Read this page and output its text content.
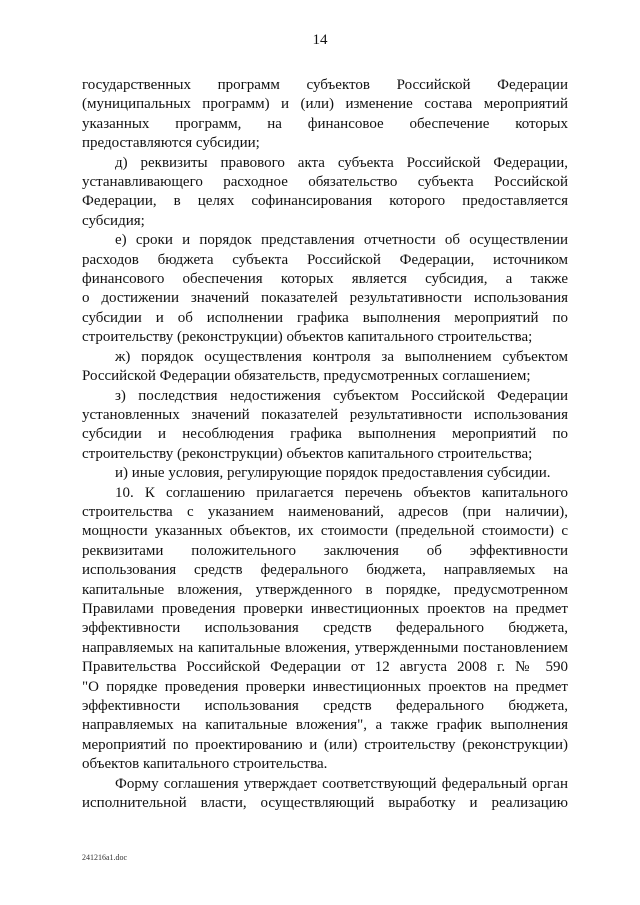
14

государственных программ субъектов Российской Федерации
(муниципальных программ) и (или) изменение состава мероприятий
указанных программ, на финансовое обеспечение которых
предоставляются субсидии;

д) реквизиты правового акта субъекта Российской Федерации,
устанавливающего расходное обязательство субъекта Российской
Федерации, в целях софинансирования которого предоставляется
субсидия;

е) сроки и порядок представления отчетности об осуществлении
расходов бюджета субъекта Российской Федерации, источником
финансового обеспечения которых является субсидия, а также
о достижении значений показателей результативности использования
субсидии и об исполнении графика выполнения мероприятий по
строительству (реконструкции) объектов капитального строительства;

ж) порядок осуществления контроля за выполнением субъектом
Российской Федерации обязательств, предусмотренных соглашением;

з) последствия недостижения субъектом Российской Федерации
установленных значений показателей результативности использования
субсидии и несоблюдения графика выполнения мероприятий по
строительству (реконструкции) объектов капитального строительства;

и) иные условия, регулирующие порядок предоставления субсидии.

10. К соглашению прилагается перечень объектов капитального
строительства с указанием наименований, адресов (при наличии),
мощности указанных объектов, их стоимости (предельной стоимости) с
реквизитами положительного заключения об эффективности
использования средств федерального бюджета, направляемых на
капитальные вложения, утвержденного в порядке, предусмотренном
Правилами проведения проверки инвестиционных проектов на предмет
эффективности использования средств федерального бюджета,
направляемых на капитальные вложения, утвержденными постановлением
Правительства Российской Федерации от 12 августа 2008 г. № 590
"О порядке проведения проверки инвестиционных проектов на предмет
эффективности использования средств федерального бюджета,
направляемых на капитальные вложения", а также график выполнения
мероприятий по проектированию и (или) строительству (реконструкции)
объектов капитального строительства.

Форму соглашения утверждает соответствующий федеральный орган
исполнительной власти, осуществляющий выработку и реализацию

241216a1.doc
